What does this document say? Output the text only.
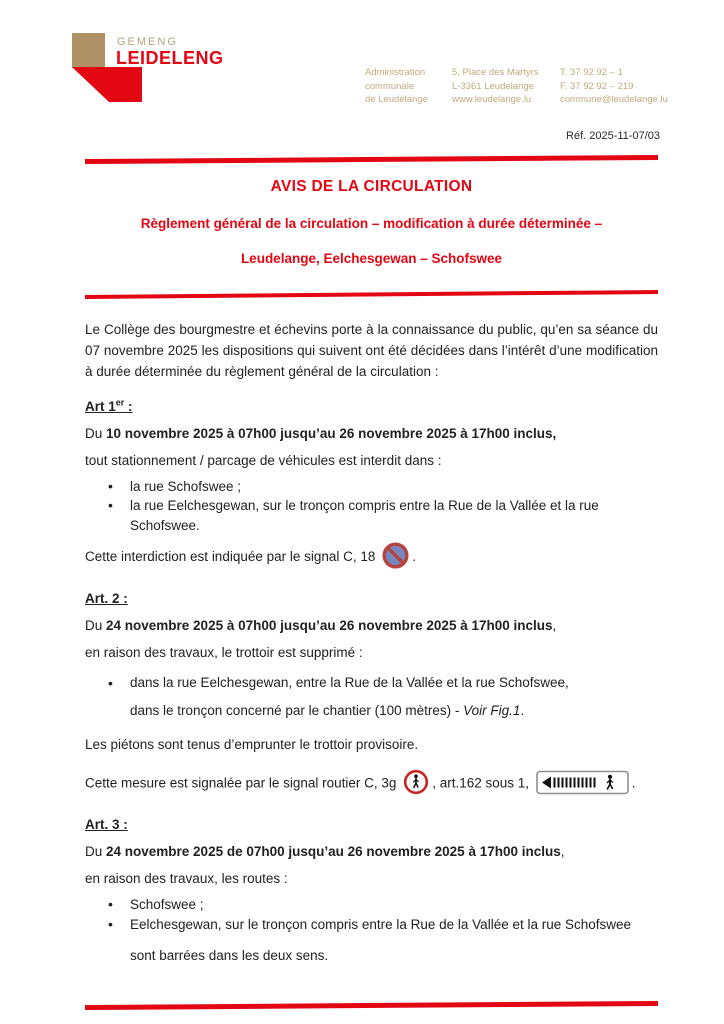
GEMENG
LEIDELENG
Administration
communale
de Leudelange
5, Place des Martyrs
L-3361 Leudelange
www.leudelange.lu
T. 37 92 92 – 1
F. 37 92 92 – 219
commune@leudelange.lu
Réf. 2025-11-07/03
AVIS DE LA CIRCULATION
Règlement général de la circulation – modification à durée déterminée –
Leudelange, Eelchesgewan – Schofswee

Le Collège des bourgmestre et échevins porte à la connaissance du public, qu’en sa séance du 07 novembre 2025 les dispositions qui suivent ont été décidées dans l’intérêt d’une modification à durée déterminée du règlement général de la circulation :

Art 1er :

Du 10 novembre 2025 à 07h00 jusqu’au 26 novembre 2025 à 17h00 inclus,

tout stationnement / parcage de véhicules est interdit dans :

• la rue Schofswee ;
• la rue Eelchesgewan, sur le tronçon compris entre la Rue de la Vallée et la rue Schofswee.

Cette interdiction est indiquée par le signal C, 18	.

Art. 2 :

Du 24 novembre 2025 à 07h00 jusqu’au 26 novembre 2025 à 17h00 inclus,

en raison des travaux, le trottoir est supprimé :

• dans la rue Eelchesgewan, entre la Rue de la Vallée et la rue Schofswee,
dans le tronçon concerné par le chantier (100 mètres) - Voir Fig.1.

Les piétons sont tenus d’emprunter le trottoir provisoire.

Cette mesure est signalée par le signal routier C, 3g	, art.162 sous 1,	.

Art. 3 :

Du 24 novembre 2025 de 07h00 jusqu’au 26 novembre 2025 à 17h00 inclus,

en raison des travaux, les routes :

• Schofswee ;
• Eelchesgewan, sur le tronçon compris entre la Rue de la Vallée et la rue Schofswee

sont barrées dans les deux sens.
